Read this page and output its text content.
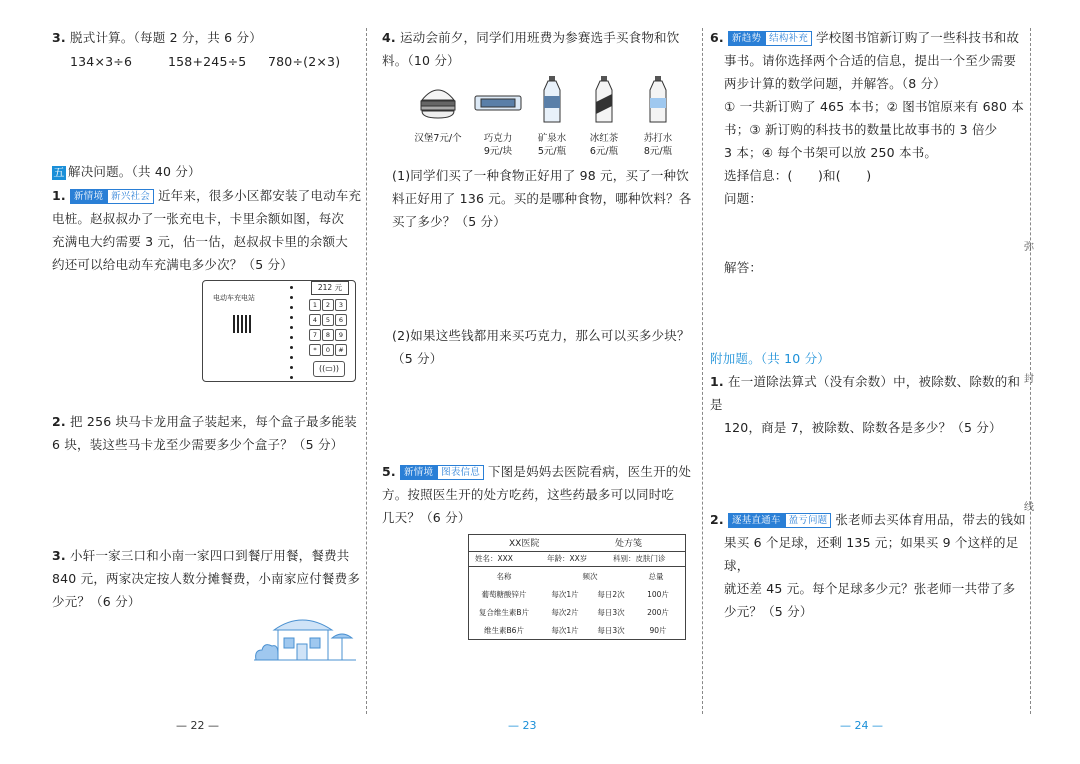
3. 脱式计算。（每题 2 分，共 6 分）
134×3÷6	158+245÷5 780÷(2×3)
五 解决问题。（共 40 分）
1. 新情境 新兴社会 近年来，很多小区都安装了电动车充
电桩。赵叔叔办了一张充电卡，卡里余额如图，每次
充满电大约需要 3 元，估一估，赵叔叔卡里的余额大
约还可以给电动车充满电多少次？（5 分）
电动车充电站
212 元
1	2	3
4	5	6
7	8	9
*	0	#
((▭))
2. 把 256 块马卡龙用盒子装起来，每个盒子最多能装
6 块，装这些马卡龙至少需要多少个盒子？（5 分）
3. 小轩一家三口和小南一家四口到餐厅用餐，餐费共
840 元，两家决定按人数分摊餐费，小南家应付餐费多
少元？（6 分）
— 22 —
4. 运动会前夕，同学们用班费为参赛选手买食物和饮
料。（10 分）
汉堡7元/个	巧克力
9元/块
矿泉水
5元/瓶
冰红茶
6元/瓶
苏打水
8元/瓶
(1)同学们买了一种食物正好用了 98 元，买了一种饮
料正好用了 136 元。买的是哪种食物，哪种饮料？各
买了多少？（5 分）
(2)如果这些钱都用来买巧克力，那么可以买多少块？
（5 分）
5. 新情境 图表信息 下图是妈妈去医院看病，医生开的处
方。按照医生开的处方吃药，这些药最多可以同时吃
几天？（6 分）
XX医院	处方笺
姓名：XXX	年龄：XX岁	科别：皮肤门诊
名称	频次	总量
葡萄糖酸锌片	每次1片	每日2次	100片
复合维生素B片	每次2片	每日3次	200片
维生素B6片	每次1片	每日3次	90片
— 23
6. 新趋势 结构补充 学校图书馆新订购了一些科技书和故
事书。请你选择两个合适的信息，提出一个至少需要
两步计算的数学问题，并解答。（8 分）
① 一共新订购了 465 本书；② 图书馆原来有 680 本
书；③ 新订购的科技书的数量比故事书的 3 倍少
3 本；④ 每个书架可以放 250 本书。
选择信息：(　　)和(　　)
问题：
解答：
附加题。（共 10 分）
1. 在一道除法算式（没有余数）中，被除数、除数的和是
120，商是 7，被除数、除数各是多少？（5 分）
2. 逐基直通车 盈亏问题 张老师去买体育用品，带去的钱如
果买 6 个足球，还剩 135 元；如果买 9 个这样的足球，
就还差 45 元。每个足球多少元？张老师一共带了多
少元？（5 分）
弥
封
线
— 24 —
